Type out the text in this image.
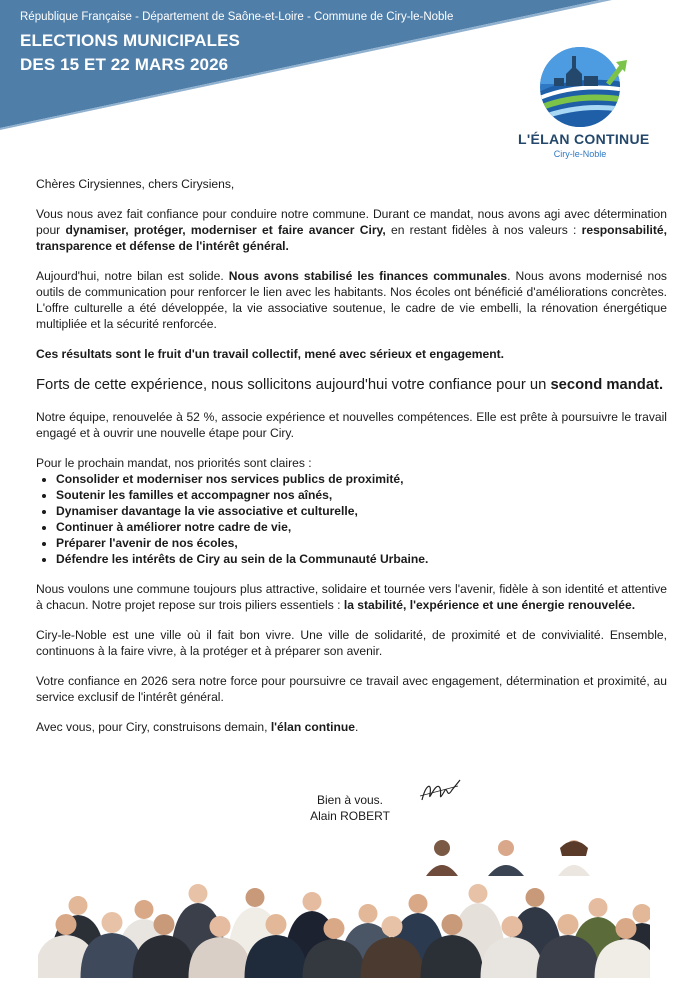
République Française - Département de Saône-et-Loire - Commune de Ciry-le-Noble
ELECTIONS MUNICIPALES
DES 15 ET 22 MARS 2026
L'ÉLAN CONTINUE
Ciry-le-Noble

Chères Cirysiennes, chers Cirysiens,

Vous nous avez fait confiance pour conduire notre commune. Durant ce mandat, nous avons agi avec détermination pour dynamiser, protéger, moderniser et faire avancer Ciry, en restant fidèles à nos valeurs : responsabilité, transparence et défense de l'intérêt général.

Aujourd'hui, notre bilan est solide. Nous avons stabilisé les finances communales. Nous avons modernisé nos outils de communication pour renforcer le lien avec les habitants. Nos écoles ont bénéficié d'améliorations concrètes. L'offre culturelle a été développée, la vie associative soutenue, le cadre de vie embelli, la rénovation énergétique multipliée et la sécurité renforcée.

Ces résultats sont le fruit d'un travail collectif, mené avec sérieux et engagement.

Forts de cette expérience, nous sollicitons aujourd'hui votre confiance pour un second mandat.

Notre équipe, renouvelée à 52 %, associe expérience et nouvelles compétences. Elle est prête à poursuivre le travail engagé et à ouvrir une nouvelle étape pour Ciry.

Pour le prochain mandat, nos priorités sont claires :
• Consolider et moderniser nos services publics de proximité,
• Soutenir les familles et accompagner nos aînés,
• Dynamiser davantage la vie associative et culturelle,
• Continuer à améliorer notre cadre de vie,
• Préparer l'avenir de nos écoles,
• Défendre les intérêts de Ciry au sein de la Communauté Urbaine.

Nous voulons une commune toujours plus attractive, solidaire et tournée vers l'avenir, fidèle à son identité et attentive à chacun. Notre projet repose sur trois piliers essentiels : la stabilité, l'expérience et une énergie renouvelée.

Ciry-le-Noble est une ville où il fait bon vivre. Une ville de solidarité, de proximité et de convivialité. Ensemble, continuons à la faire vivre, à la protéger et à préparer son avenir.

Votre confiance en 2026 sera notre force pour poursuivre ce travail avec engagement, détermination et proximité, au service exclusif de l'intérêt général.

Avec vous, pour Ciry, construisons demain, l'élan continue.

Bien à vous.
Alain ROBERT
